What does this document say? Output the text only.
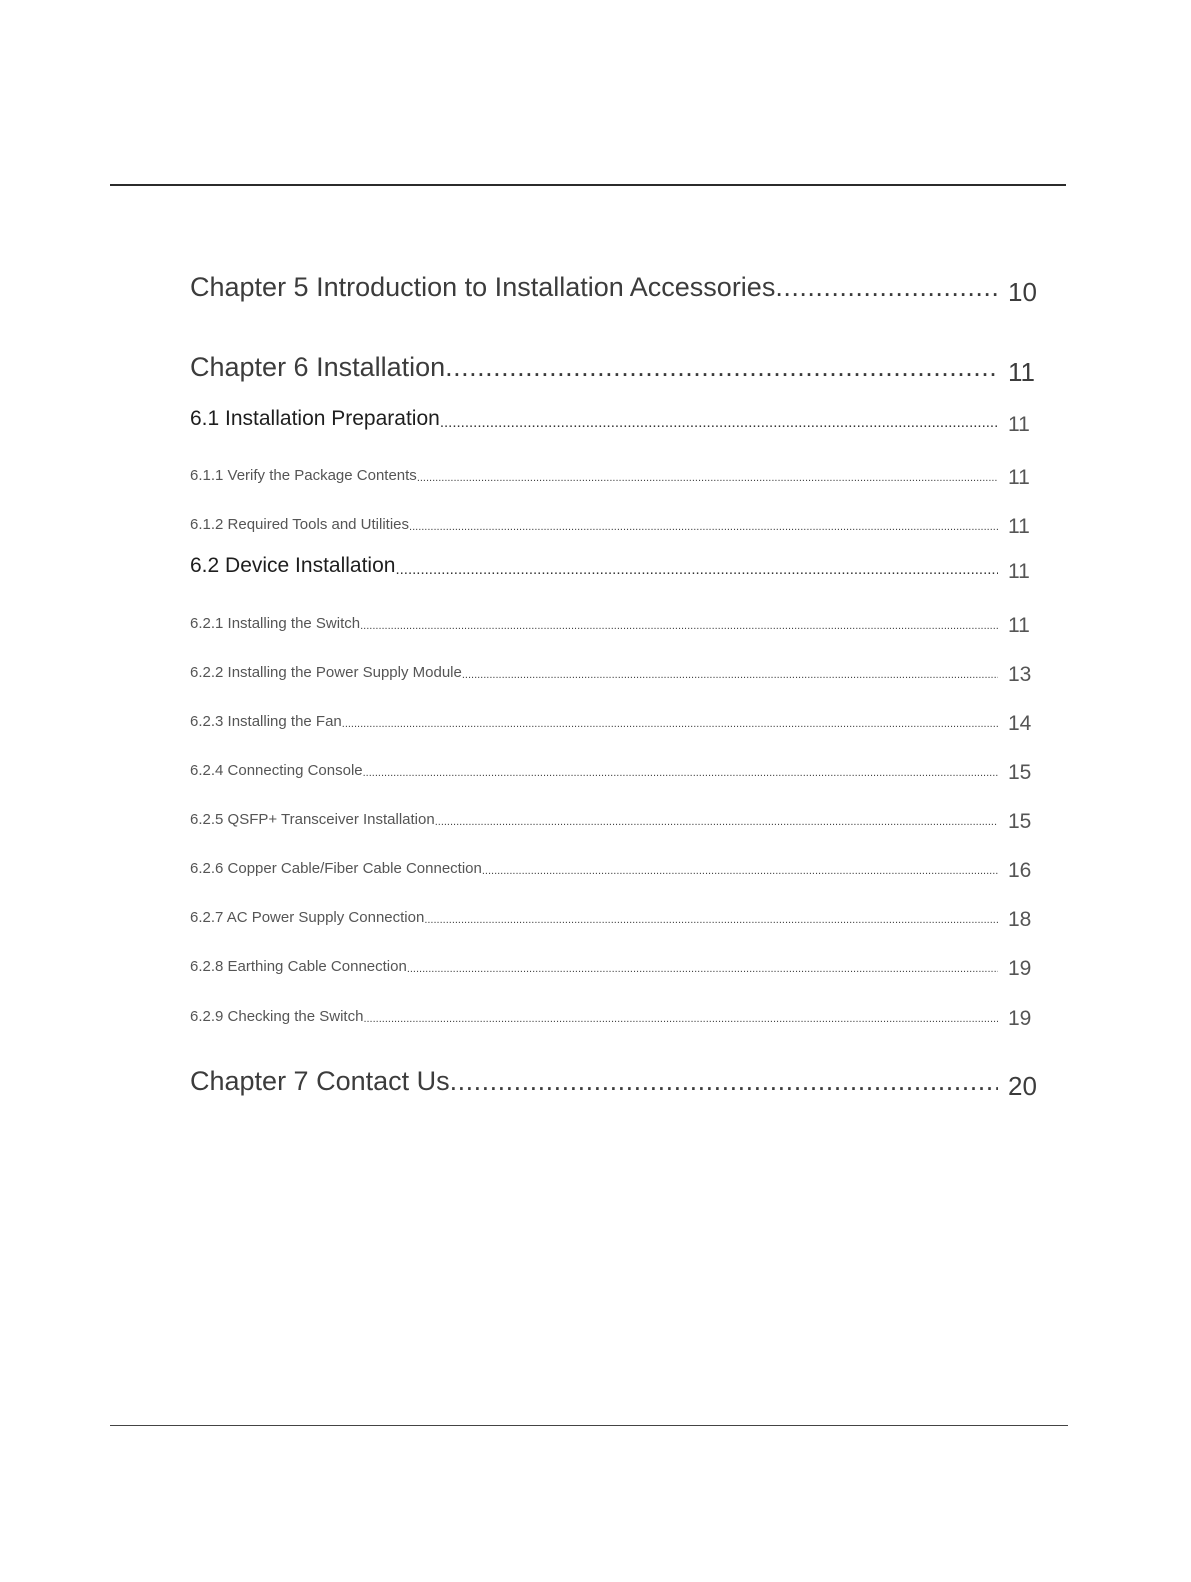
Chapter 5 Introduction to Installation Accessories .....	10
Chapter 6 Installation .....	11
6.1 Installation Preparation .....	11
6.1.1 Verify the Package Contents .....	11
6.1.2 Required Tools and Utilities .....	11
6.2 Device Installation .....	11
6.2.1 Installing the Switch .....	11
6.2.2 Installing the Power Supply Module .....	13
6.2.3 Installing the Fan .....	14
6.2.4 Connecting Console .....	15
6.2.5 QSFP+ Transceiver Installation .....	15
6.2.6 Copper Cable/Fiber Cable Connection .....	16
6.2.7 AC Power Supply Connection .....	18
6.2.8 Earthing Cable Connection .....	19
6.2.9 Checking the Switch .....	19
Chapter 7 Contact Us .....	20
